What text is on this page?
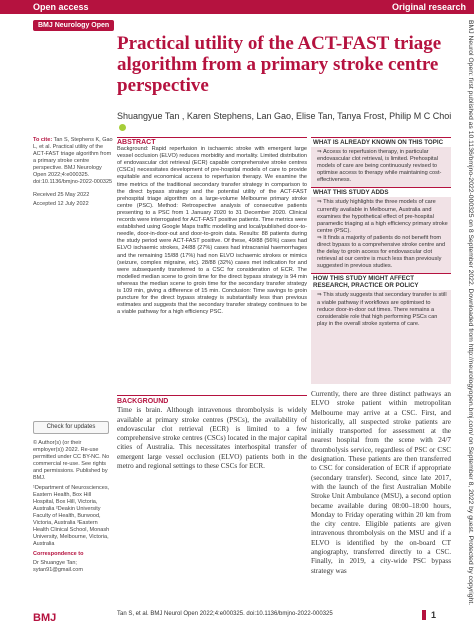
Open access	Original research
BMJ Neurology Open
Practical utility of the ACT-FAST triage algorithm from a primary stroke centre perspective
Shuangyue Tan , Karen Stephens, Lan Gao, Elise Tan, Tanya Frost, Philip M C Choi

To cite: Tan S, Stephens K, Gao L, et al. Practical utility of the ACT-FAST triage algorithm from a primary stroke centre perspective. BMJ Neurology Open 2022;4:e000325. doi:10.1136/bmjno-2022-000325

Received 25 May 2022

Accepted 12 July 2022

Check for updates

© Author(s) (or their employer(s)) 2022. Re-use permitted under CC BY-NC. No commercial re-use. See rights and permissions. Published by BMJ.

¹Department of Neurosciences, Eastern Health, Box Hill Hospital, Box Hill, Victoria, Australia ²Deakin University Faculty of Health, Burwood, Victoria, Australia ³Eastern Health Clinical School, Monash University, Melbourne, Victoria, Australia

Correspondence to

Dr Shuangye Tan; sytan91@gmail.com

ABSTRACT

Background: Rapid reperfusion in ischaemic stroke with emergent large vessel occlusion (ELVO) reduces morbidity and mortality. Limited distribution of endovascular clot retrieval (ECR) capable comprehensive stroke centres (CSCs) necessitates development of pre-hospital models of care to provide equitable and economical access to reperfusion therapy. We examine the time metrics of the traditional secondary transfer strategy in comparison to the direct bypass strategy and the potential utility of the ACT-FAST prehospital triage algorithm on a large-volume Melbourne primary stroke centre (PSC). Method: Retrospective analysis of consecutive patients presenting to a PSC from 1 January 2020 to 31 December 2020. Clinical records were interrogated for ACT-FAST positive patients. Time metrics were established using Google Maps traffic modelling and local/published door-to-needle, door-in-door-out and door-to-groin data. Results: 88 patients during the study period were ACT-FAST positive. Of these, 49/88 (56%) cases had ELVO ischaemic strokes, 24/88 (27%) cases had intracranial haemorrhages and the remaining 15/88 (17%) had non ELVO ischaemic strokes or mimics (seizure, complex migraine, etc). 28/88 (32%) cases met indication for and were subsequently transferred to a CSC for consideration of ECR. The modelled median scene to groin time for the direct bypass strategy is 94 min whereas the median scene to groin time for the secondary transfer strategy is 109 min, giving a difference of 15 min. Conclusion: Time savings to groin puncture for the direct bypass strategy is substantially less than previous estimates and suggests that the secondary transfer strategy continues to be a viable pathway for a high efficiency PSC.

WHAT IS ALREADY KNOWN ON THIS TOPIC
⇒ Access to reperfusion therapy, in particular endovascular clot retrieval, is limited. Prehospital models of care are being continuously revised to optimise access to therapy while maintaining cost-effectiveness.
WHAT THIS STUDY ADDS
⇒ This study highlights the three models of care currently available in Melbourne, Australia and examines the hypothetical effect of pre-hospital paramedic triaging at a high efficiency primary stroke centre (PSC).
⇒ It finds a majority of patients do not benefit from direct bypass to a comprehensive stroke centre and the delay to groin access for endovascular clot retrieval at our centre is much less than previously suggested in previous studies.
HOW THIS STUDY MIGHT AFFECT RESEARCH, PRACTICE OR POLICY
⇒ This study suggests that secondary transfer is still a viable pathway if workflows are optimised to reduce door-in-door out times. There remains a considerable role that high performing PSCs can play in the overall stroke systems of care.
BACKGROUND

Time is brain. Although intravenous thrombolysis is widely available at primary stroke centres (PSCs), the availability of endovascular clot retrieval (ECR) is limited to a few comprehensive stroke centres (CSCs) located in the major capital cities of Australia. This necessitates interhospital transfer of emergent large vessel occlusion (ELVO) patients both in the metro and regional settings to these CSCs for ECR.

Currently, there are three distinct pathways an ELVO stroke patient within metropolitan Melbourne may arrive at a CSC. First, and historically, all suspected stroke patients are initially transported for assessment at the nearest hospital from the scene with 24/7 thrombolysis service, regardless of PSC or CSC designation. These patients are then transferred to CSC for consideration of ECR if appropriate (secondary transfer). Second, since late 2017, with the launch of the first Australian Mobile Stroke Unit Ambulance (MSU), a second option became available during 08:00–18:00 hours, Monday to Friday operating within 20 km from the city centre. Eligible patients are given intravenous thrombolysis on the MSU and if a ELVO is identified by the on-board CT angiography, transferred directly to a CSC. Finally, in 2019, a city-wide PSC bypass strategy was	BMJ Neurol Open: first published as 10.1136/bmjno-2022-000325 on 8 September 2022. Downloaded from http://neurologyopen.bmj.com/ on September 8, 2022 by guest. Protected by copyright.
BMJ	Tan S, et al. BMJ Neurol Open 2022;4:e000325. doi:10.1136/bmjno-2022-000325	1
